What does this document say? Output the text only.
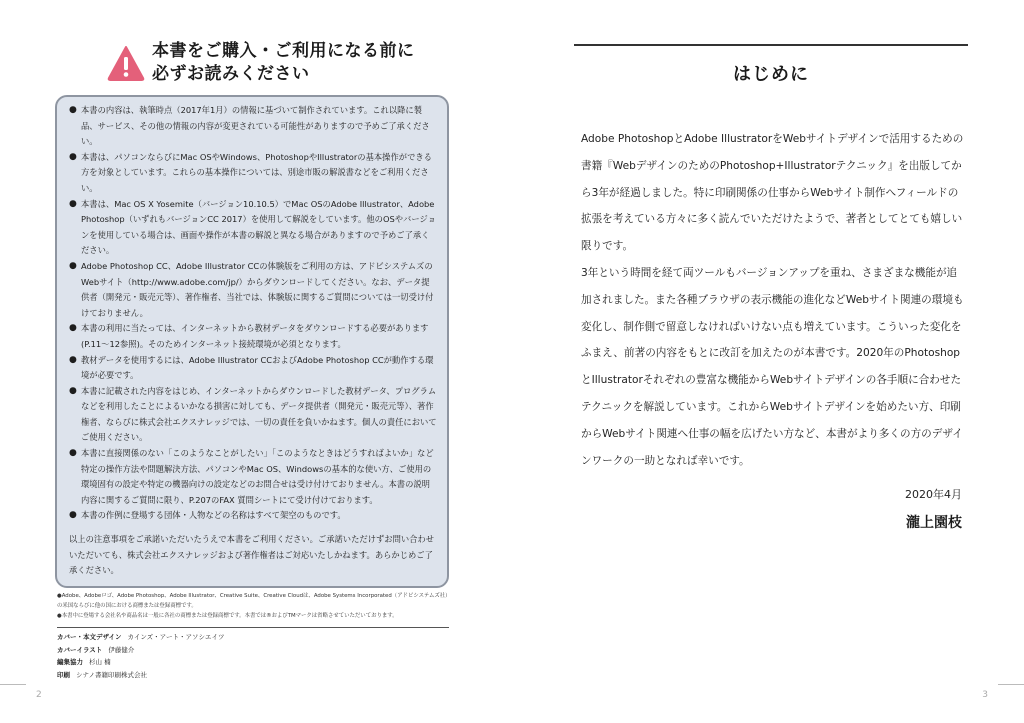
本書をご購入・ご利用になる前に
必ずお読みください
● 本書の内容は、執筆時点（2017年1月）の情報に基づいて制作されています。これ以降に製品、サービス、その他の情報の内容が変更されている可能性がありますので予めご了承ください。
● 本書は、パソコンならびにMac OSやWindows、PhotoshopやIllustratorの基本操作ができる方を対象としています。これらの基本操作については、別途市販の解説書などをご利用ください。
● 本書は、Mac OS X Yosemite（バージョン10.10.5）でMac OSのAdobe Illustrator、Adobe Photoshop（いずれもバージョンCC 2017）を使用して解説をしています。他のOSやバージョンを使用している場合は、画面や操作が本書の解説と異なる場合がありますので予めご了承ください。
● Adobe Photoshop CC、Adobe Illustrator CCの体験版をご利用の方は、アドビシステムズのWebサイト（http://www.adobe.com/jp/）からダウンロードしてください。なお、データ提供者（開発元・販売元等）、著作権者、当社では、体験版に関するご質問については一切受け付けておりません。
● 本書の利用に当たっては、インターネットから教材データをダウンロードする必要があります(P.11～12参照)。そのためインターネット接続環境が必須となります。
● 教材データを使用するには、Adobe Illustrator CCおよびAdobe Photoshop CCが動作する環境が必要です。
● 本書に記載された内容をはじめ、インターネットからダウンロードした教材データ、プログラムなどを利用したことによるいかなる損害に対しても、データ提供者（開発元・販売元等）、著作権者、ならびに株式会社エクスナレッジでは、一切の責任を負いかねます。個人の責任においてご使用ください。
● 本書に直接関係のない「このようなことがしたい」「このようなときはどうすればよいか」など特定の操作方法や問題解決方法、パソコンやMac OS、Windowsの基本的な使い方、ご使用の環境固有の設定や特定の機器向けの設定などのお問合せは受け付けておりません。本書の説明内容に関するご質問に限り、P.207のFAX 質問シートにて受け付けております。
● 本書の作例に登場する団体・人物などの名称はすべて架空のものです。
以上の注意事項をご承諾いただいたうえで本書をご利用ください。ご承諾いただけずお問い合わせいただいても、株式会社エクスナレッジおよび著作権者はご対応いたしかねます。あらかじめご了承ください。

●Adobe、Adobeロゴ、Adobe Photoshop、Adobe Illustrator、Creative Suite、Creative Cloudは、Adobe Systems Incorporated（アドビシステムズ社）の米国ならびに他の国における商標または登録商標です。

●本書中に登場する会社名や商品名は一般に各社の商標または登録商標です。本書では®およびTMマークは省略させていただいております。

カバー・本文デザイン カインズ・アート・アソシエイツ
カバーイラスト 伊藤健介
編集協力 杉山 楠
印刷 シナノ書籍印刷株式会社
2
はじめに

Adobe PhotoshopとAdobe IllustratorをWebサイトデザインで活用するための書籍『WebデザインのためのPhotoshop+Illustratorテクニック』を出版してから3年が経過しました。特に印刷関係の仕事からWebサイト制作へフィールドの拡張を考えている方々に多く読んでいただけたようで、著者としてとても嬉しい限りです。

3年という時間を経て両ツールもバージョンアップを重ね、さまざまな機能が追加されました。また各種ブラウザの表示機能の進化などWebサイト関連の環境も変化し、制作側で留意しなければいけない点も増えています。こういった変化をふまえ、前著の内容をもとに改訂を加えたのが本書です。2020年のPhotoshopとIllustratorそれぞれの豊富な機能からWebサイトデザインの各手順に合わせたテクニックを解説しています。これからWebサイトデザインを始めたい方、印刷からWebサイト関連へ仕事の幅を広げたい方など、本書がより多くの方のデザインワークの一助となれば幸いです。

2020年4月
瀧上園枝
3
